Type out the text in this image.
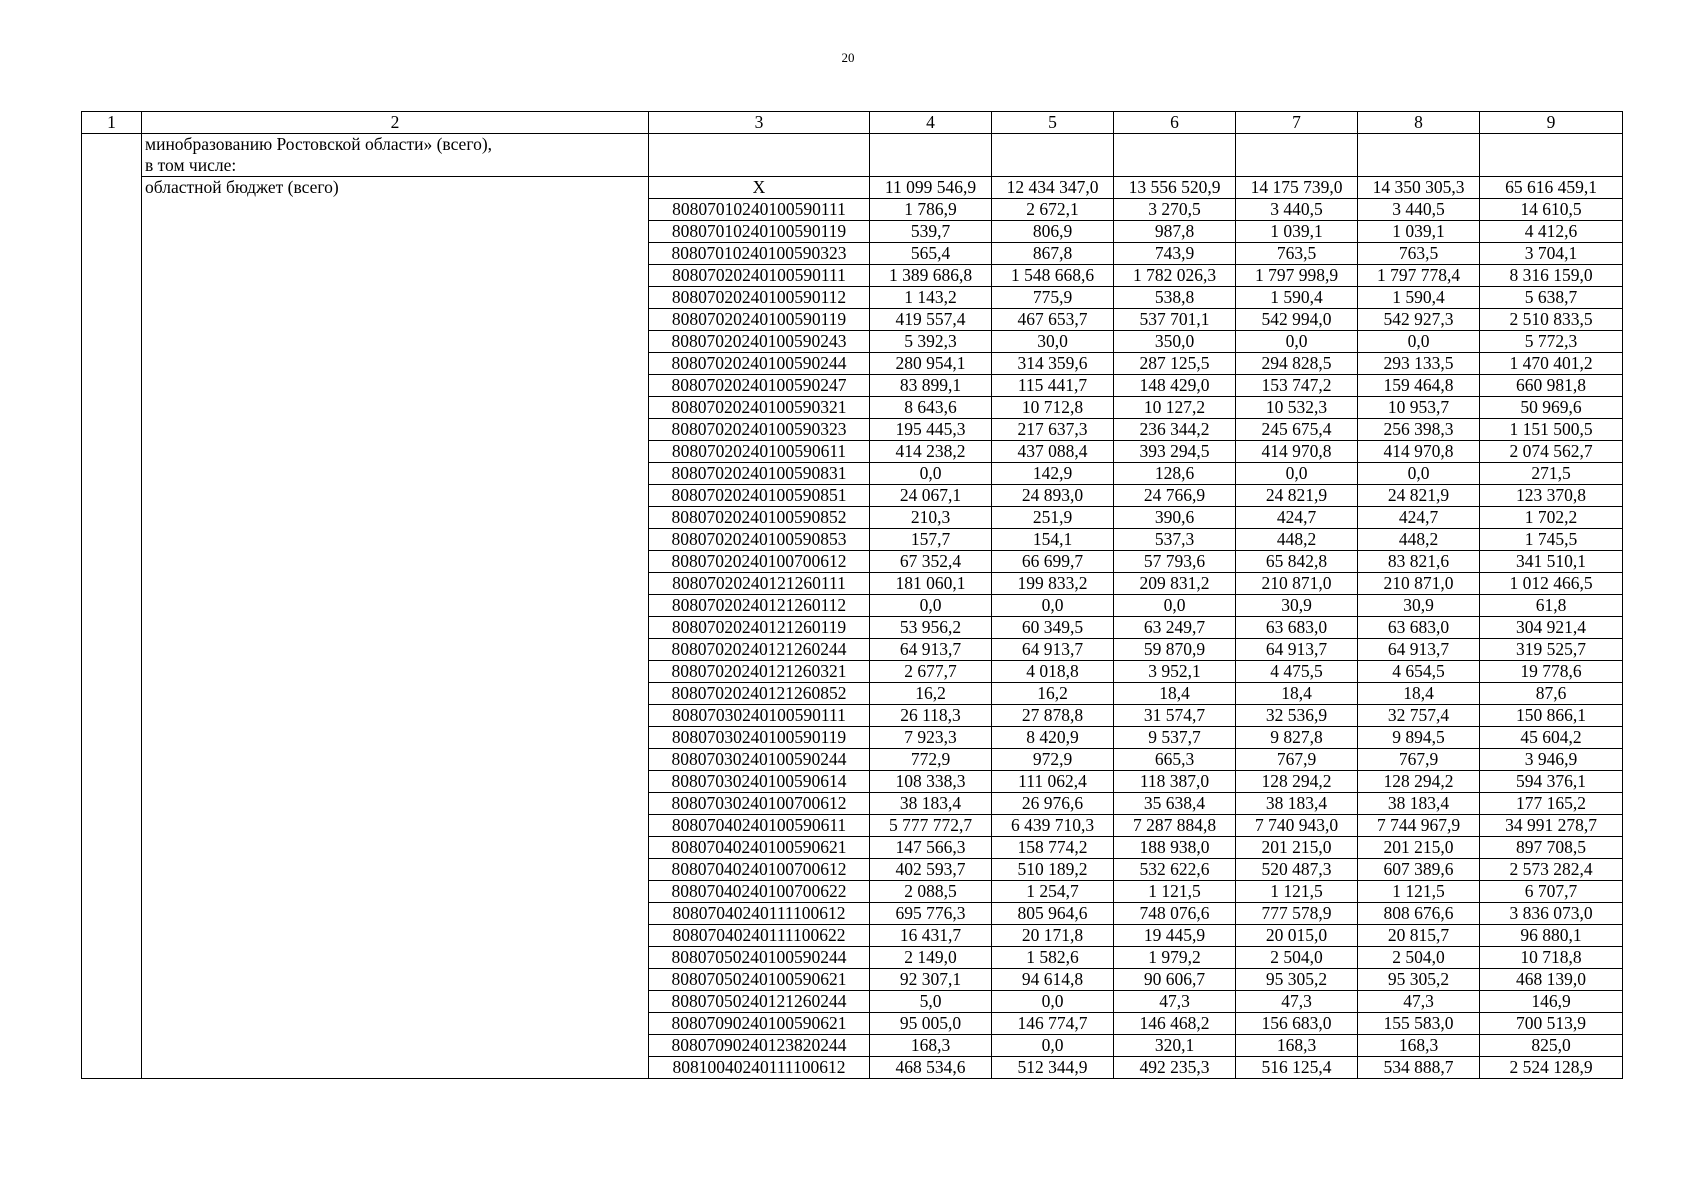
20
1	2	3	4	5	6	7	8	9

	минобразованию Ростовской области» (всего),
в том числе:							

	областной бюджет (всего)	Х	11 099 546,9	12 434 347,0	13 556 520,9	14 175 739,0	14 350 305,3	65 616 459,1
		80807010240100590111	1 786,9	2 672,1	3 270,5	3 440,5	3 440,5	14 610,5
		80807010240100590119	539,7	806,9	987,8	1 039,1	1 039,1	4 412,6
		80807010240100590323	565,4	867,8	743,9	763,5	763,5	3 704,1
		80807020240100590111	1 389 686,8	1 548 668,6	1 782 026,3	1 797 998,9	1 797 778,4	8 316 159,0
		80807020240100590112	1 143,2	775,9	538,8	1 590,4	1 590,4	5 638,7
		80807020240100590119	419 557,4	467 653,7	537 701,1	542 994,0	542 927,3	2 510 833,5
		80807020240100590243	5 392,3	30,0	350,0	0,0	0,0	5 772,3
		80807020240100590244	280 954,1	314 359,6	287 125,5	294 828,5	293 133,5	1 470 401,2
		80807020240100590247	83 899,1	115 441,7	148 429,0	153 747,2	159 464,8	660 981,8
		80807020240100590321	8 643,6	10 712,8	10 127,2	10 532,3	10 953,7	50 969,6
		80807020240100590323	195 445,3	217 637,3	236 344,2	245 675,4	256 398,3	1 151 500,5
		80807020240100590611	414 238,2	437 088,4	393 294,5	414 970,8	414 970,8	2 074 562,7
		80807020240100590831	0,0	142,9	128,6	0,0	0,0	271,5
		80807020240100590851	24 067,1	24 893,0	24 766,9	24 821,9	24 821,9	123 370,8
		80807020240100590852	210,3	251,9	390,6	424,7	424,7	1 702,2
		80807020240100590853	157,7	154,1	537,3	448,2	448,2	1 745,5
		80807020240100700612	67 352,4	66 699,7	57 793,6	65 842,8	83 821,6	341 510,1
		80807020240121260111	181 060,1	199 833,2	209 831,2	210 871,0	210 871,0	1 012 466,5
		80807020240121260112	0,0	0,0	0,0	30,9	30,9	61,8
		80807020240121260119	53 956,2	60 349,5	63 249,7	63 683,0	63 683,0	304 921,4
		80807020240121260244	64 913,7	64 913,7	59 870,9	64 913,7	64 913,7	319 525,7
		80807020240121260321	2 677,7	4 018,8	3 952,1	4 475,5	4 654,5	19 778,6
		80807020240121260852	16,2	16,2	18,4	18,4	18,4	87,6
		80807030240100590111	26 118,3	27 878,8	31 574,7	32 536,9	32 757,4	150 866,1
		80807030240100590119	7 923,3	8 420,9	9 537,7	9 827,8	9 894,5	45 604,2
		80807030240100590244	772,9	972,9	665,3	767,9	767,9	3 946,9
		80807030240100590614	108 338,3	111 062,4	118 387,0	128 294,2	128 294,2	594 376,1
		80807030240100700612	38 183,4	26 976,6	35 638,4	38 183,4	38 183,4	177 165,2
		80807040240100590611	5 777 772,7	6 439 710,3	7 287 884,8	7 740 943,0	7 744 967,9	34 991 278,7
		80807040240100590621	147 566,3	158 774,2	188 938,0	201 215,0	201 215,0	897 708,5
		80807040240100700612	402 593,7	510 189,2	532 622,6	520 487,3	607 389,6	2 573 282,4
		80807040240100700622	2 088,5	1 254,7	1 121,5	1 121,5	1 121,5	6 707,7
		80807040240111100612	695 776,3	805 964,6	748 076,6	777 578,9	808 676,6	3 836 073,0
		80807040240111100622	16 431,7	20 171,8	19 445,9	20 015,0	20 815,7	96 880,1
		80807050240100590244	2 149,0	1 582,6	1 979,2	2 504,0	2 504,0	10 718,8
		80807050240100590621	92 307,1	94 614,8	90 606,7	95 305,2	95 305,2	468 139,0
		80807050240121260244	5,0	0,0	47,3	47,3	47,3	146,9
		80807090240100590621	95 005,0	146 774,7	146 468,2	156 683,0	155 583,0	700 513,9
		80807090240123820244	168,3	0,0	320,1	168,3	168,3	825,0
		80810040240111100612	468 534,6	512 344,9	492 235,3	516 125,4	534 888,7	2 524 128,9
